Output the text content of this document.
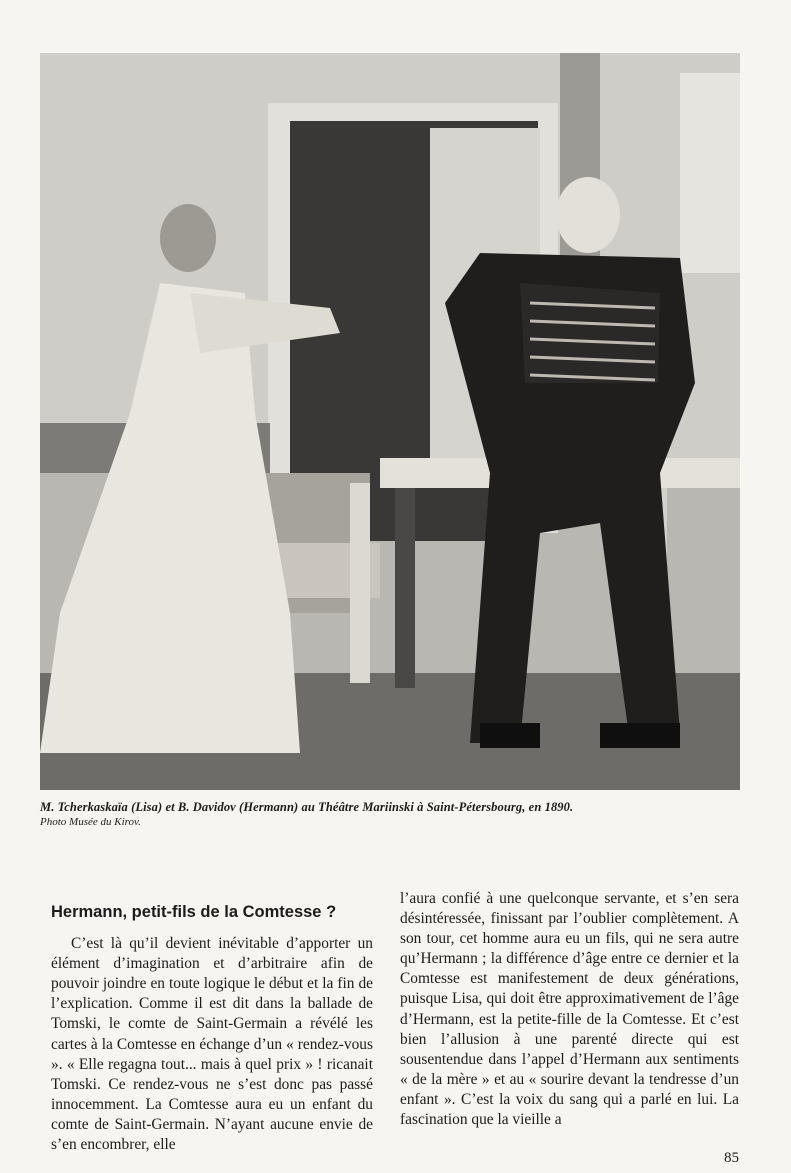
M. Tcherkaskaïa (Lisa) et B. Davidov (Hermann) au Théâtre Mariinski à Saint-Pétersbourg, en 1890.
Photo Musée du Kirov.
Hermann, petit-fils de la Comtesse ?

C’est là qu’il devient inévitable d’apporter un élément d’imagination et d’arbitraire afin de pouvoir joindre en toute logique le début et la fin de l’explication. Comme il est dit dans la ballade de Tomski, le comte de Saint-Germain a révélé les cartes à la Comtesse en échange d’un « rendez-vous ». « Elle regagna tout... mais à quel prix » ! ricanait Tomski. Ce rendez-vous ne s’est donc pas passé innocemment. La Comtesse aura eu un enfant du comte de Saint-Germain. N’ayant aucune envie de s’en encombrer, elle

l’aura confié à une quelconque servante, et s’en sera désintéressée, finissant par l’oublier complètement. A son tour, cet homme aura eu un fils, qui ne sera autre qu’Hermann ; la différence d’âge entre ce dernier et la Comtesse est manifestement de deux générations, puisque Lisa, qui doit être approximativement de l’âge d’Hermann, est la petite-fille de la Comtesse. Et c’est bien l’allusion à une parenté directe qui est sousentendue dans l’appel d’Hermann aux sentiments « de la mère » et au « sourire devant la tendresse d’un enfant ». C’est la voix du sang qui a parlé en lui. La fascination que la vieille a

85
